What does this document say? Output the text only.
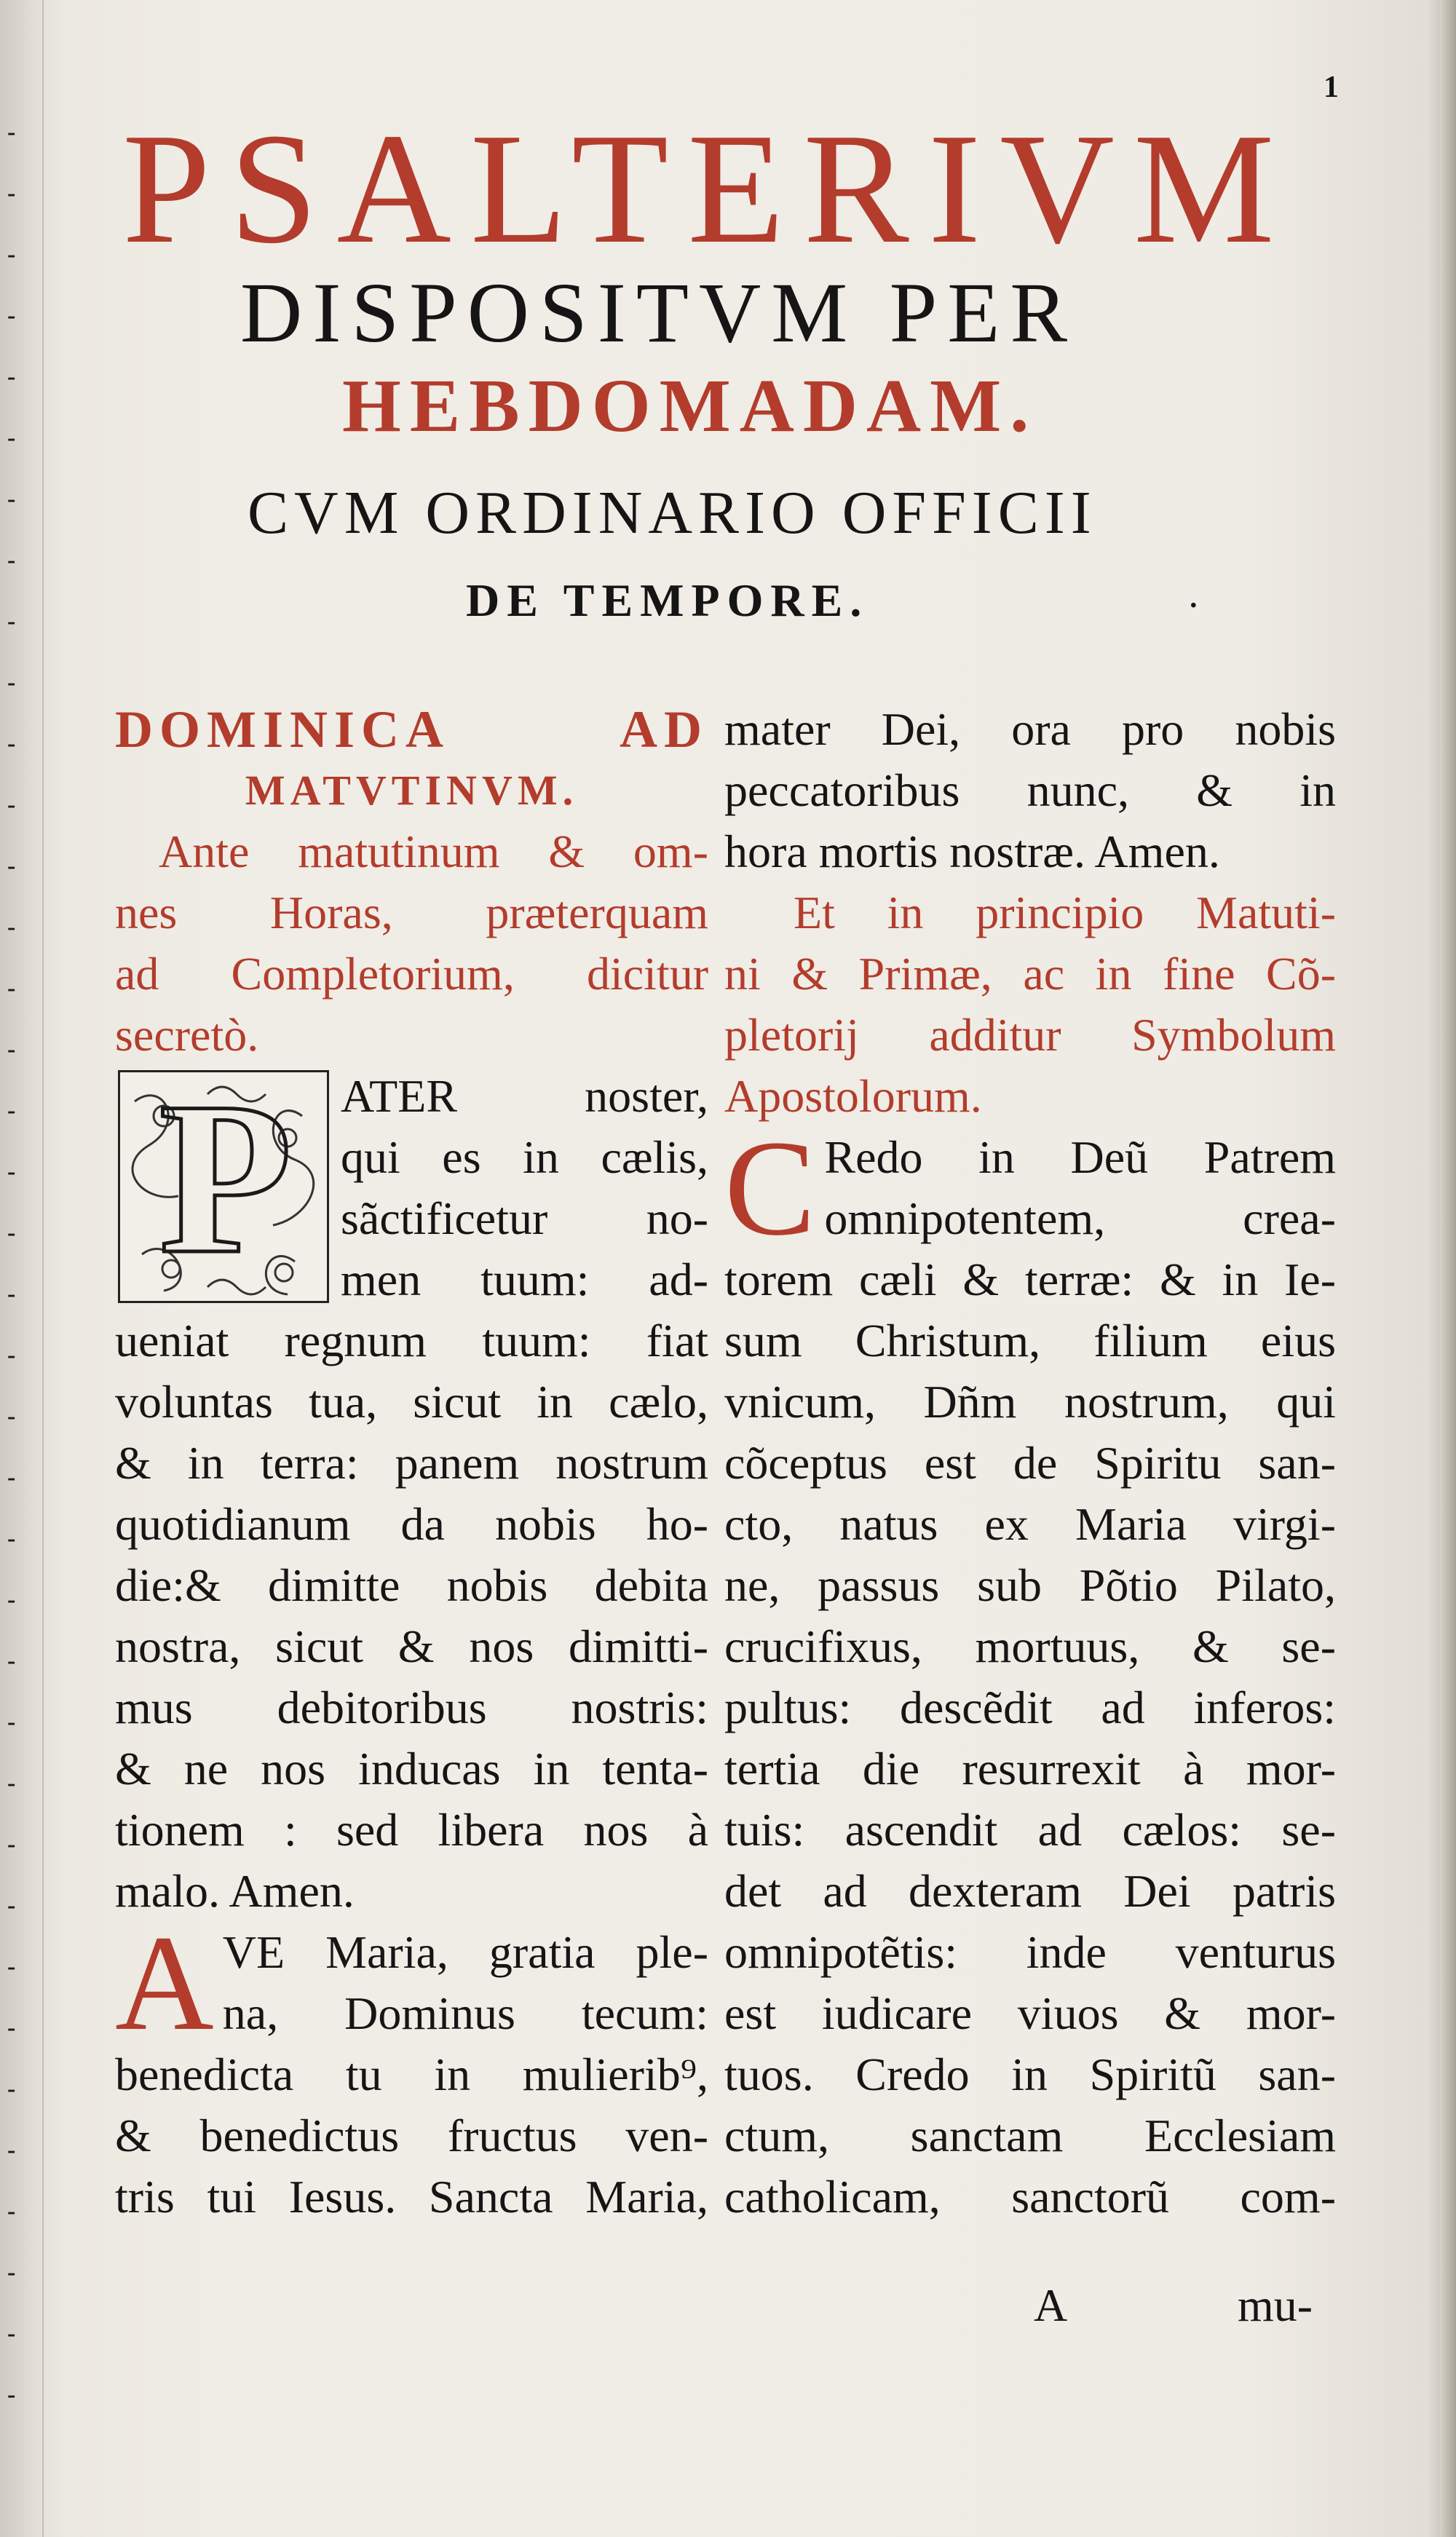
-
-
-
-
-
-
-
-
-
-
-
-
-
-
-
-
-
-
-
-
-
-
-
-
-
-
-
-
-
-
-
-
-
-
-
-
-
-
1
PSALTERIVM
DISPOSITVM PER
HEBDOMADAM.
CVM ORDINARIO OFFICII
DE TEMPORE.	·
DOMINICA AD
MATVTINVM.
Ante matutinum & om-
nes Horas, præterquam
ad Completorium, dicitur
secretò.
P	ATER noster,
qui es in cælis,
sãctificetur no-
men tuum: ad-
ueniat regnum tuum: fiat
voluntas tua, sicut in cælo,
& in terra: panem nostrum
quotidianum da nobis ho-
die:& dimitte nobis debita
nostra, sicut & nos dimitti-
mus debitoribus nostris:
& ne nos inducas in tenta-
tionem : sed libera nos à
malo. Amen.
A VE Maria, gratia ple-
na, Dominus tecum:
benedicta tu in mulierib⁹,
& benedictus fructus ven-
tris tui Iesus. Sancta Maria,
mater Dei, ora pro nobis
peccatoribus nunc, & in
hora mortis nostræ. Amen.
Et in principio Matuti-
ni & Primæ, ac in fine Cõ-
pletorij additur Symbolum
Apostolorum.
C Redo in Deũ Patrem
omnipotentem, crea-
torem cæli & terræ: & in Ie-
sum Christum, filium eius
vnicum, Dñm nostrum, qui
cõceptus est de Spiritu san-
cto, natus ex Maria virgi-
ne, passus sub Põtio Pilato,
crucifixus, mortuus, & se-
pultus: descẽdit ad inferos:
tertia die resurrexit à mor-
tuis: ascendit ad cælos: se-
det ad dexteram Dei patris
omnipotẽtis: inde venturus
est iudicare viuos & mor-
tuos. Credo in Spiritũ san-
ctum, sanctam Ecclesiam
catholicam, sanctorũ com-
A	mu-
